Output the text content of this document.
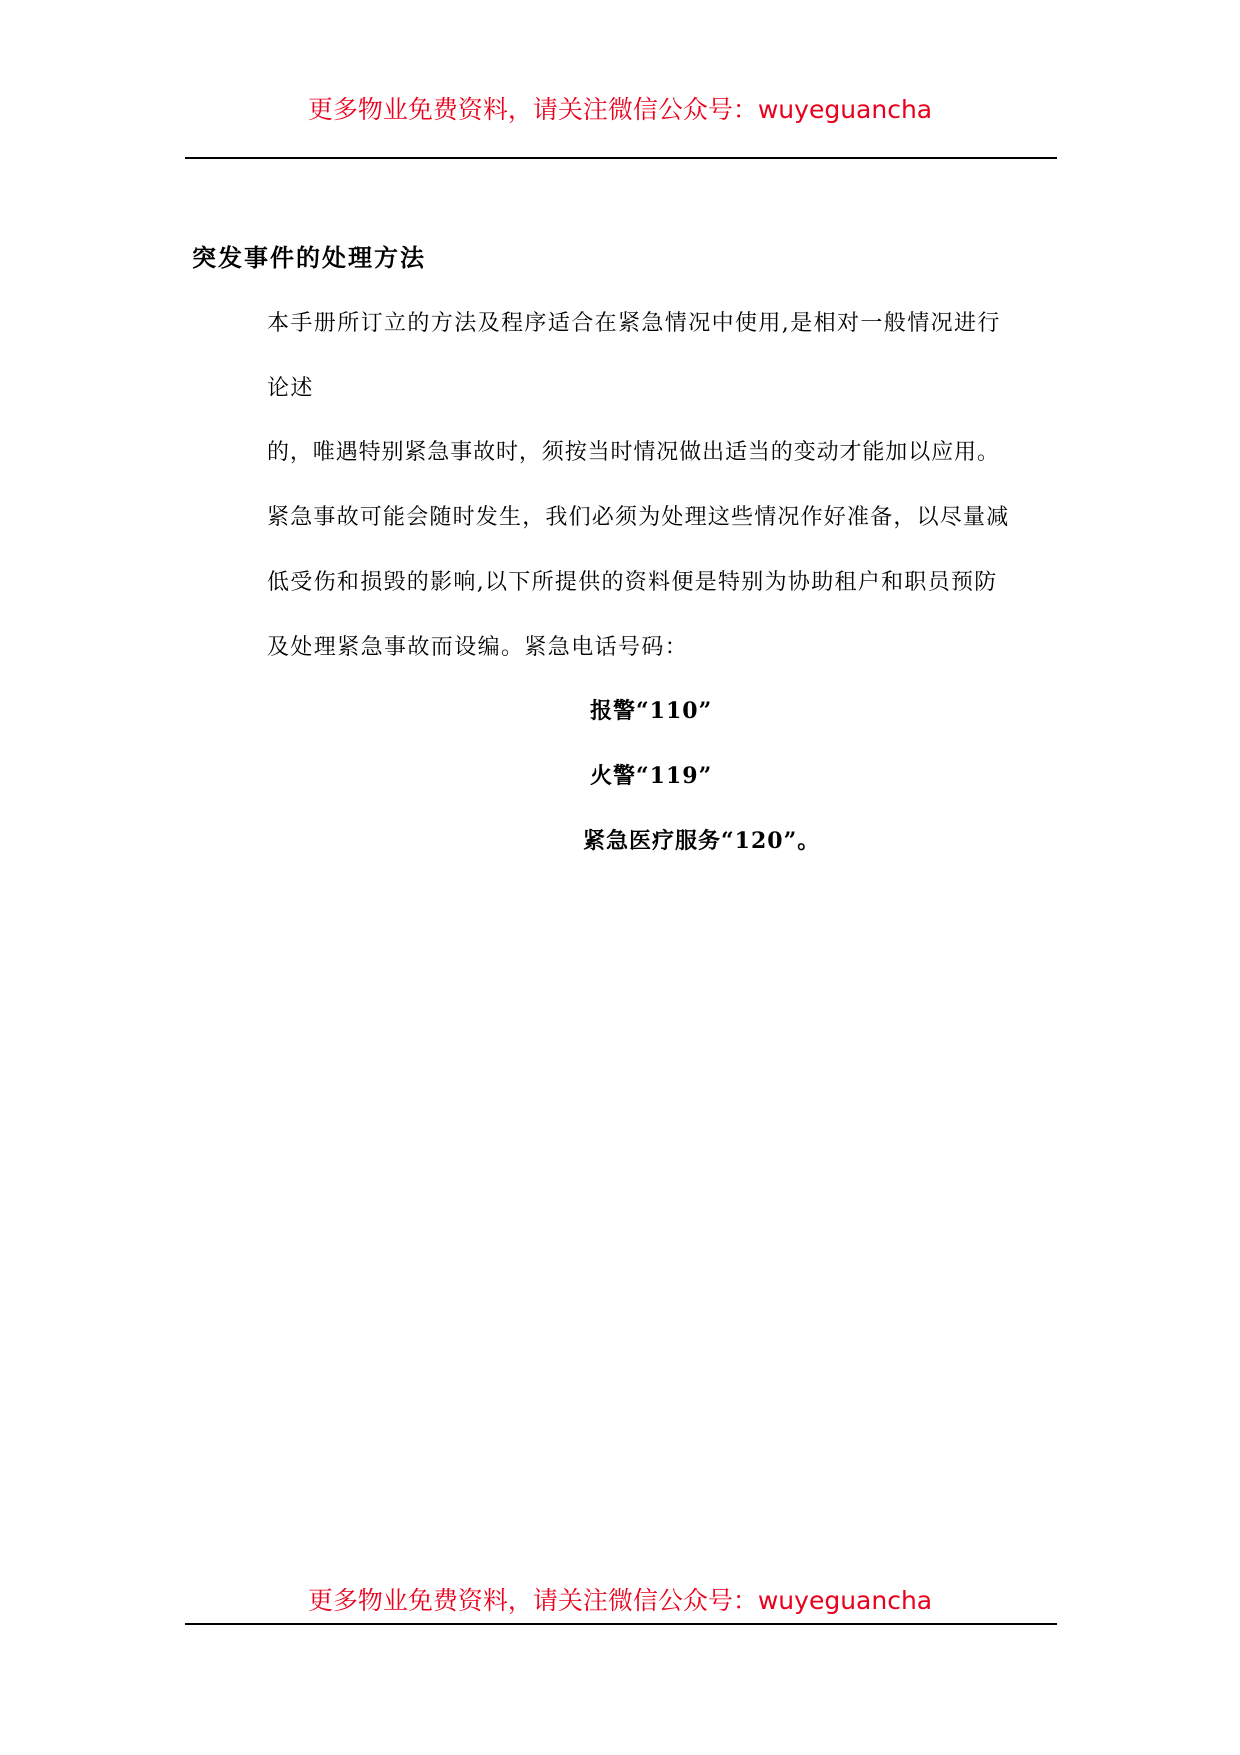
更多物业免费资料，请关注微信公众号：wuyeguancha
突发事件的处理方法

本手册所订立的方法及程序适合在紧急情况中使用,是相对一般情况进行

论述

的，唯遇特别紧急事故时，须按当时情况做出适当的变动才能加以应用。

紧急事故可能会随时发生，我们必须为处理这些情况作好准备，以尽量减

低受伤和损毁的影响,以下所提供的资料便是特别为协助租户和职员预防

及处理紧急事故而设编。紧急电话号码：

报警“110”

火警“119”

紧急医疗服务“120”。

更多物业免费资料，请关注微信公众号：wuyeguancha
